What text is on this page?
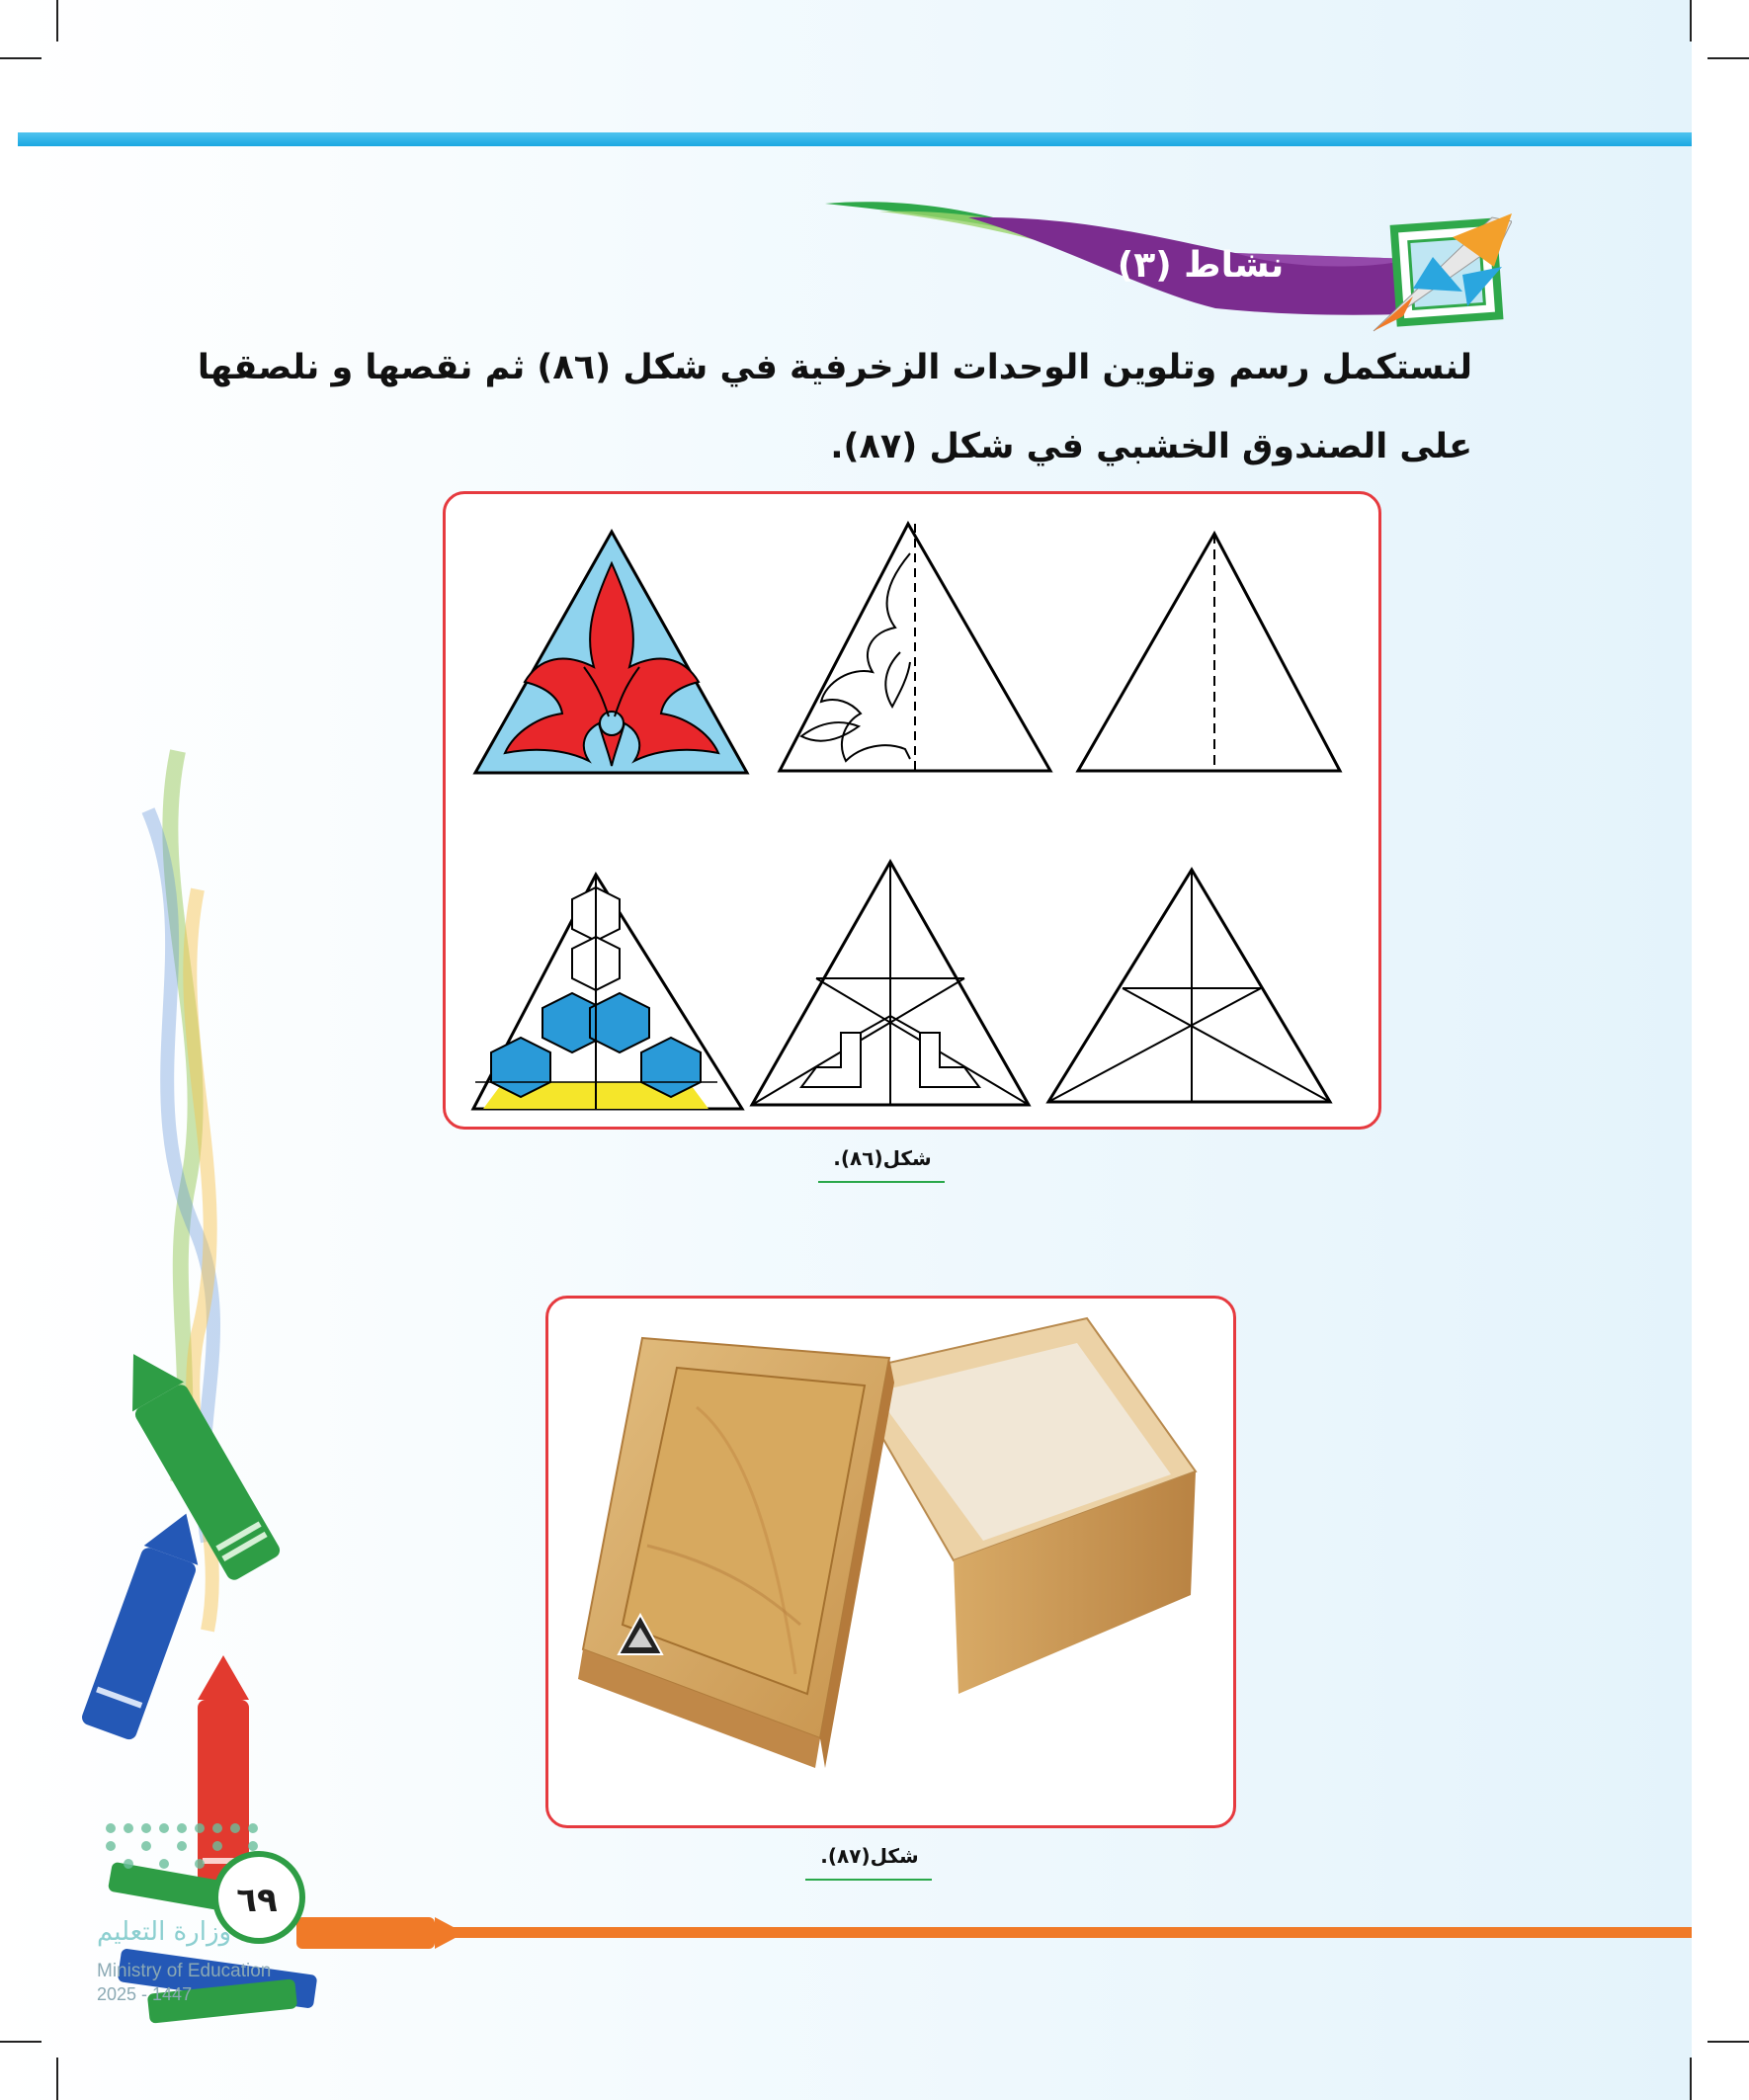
نشاط (٣)
لنستكمل رسم وتلوين الوحدات الزخرفية في شكل (٨٦) ثم نقصها و نلصقها
على الصندوق الخشبي في شكل (٨٧).
شكل(٨٦).
شكل(٨٧).
٦٩
وزارة التعليم
Ministry of Education
2025 - 1447
